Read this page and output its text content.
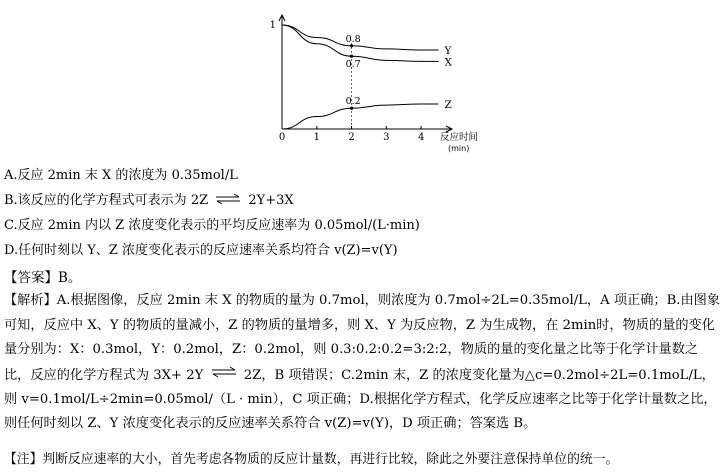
0	1	2	3	4
1
反应时间
(min)
Y
X
Z
0.8
0.7
0.2
A.反应 2min 末 X 的浓度为 0.35mol/L
B.该反应的化学方程式可表示为 2Z ⇌ 2Y+3X
C.反应 2min 内以 Z 浓度变化表示的平均反应速率为 0.05mol/(L·min)
D.任何时刻以 Y、Z 浓度变化表示的反应速率关系均符合 v(Z)=v(Y)
【答案】B。
【解析】A.根据图像，反应 2min 末 X 的物质的量为 0.7mol，则浓度为 0.7mol÷2L=0.35mol/L，A 项正确；B.由图象可知，反应中 X、Y 的物质的量减小，Z 的物质的量增多，则 X、Y 为反应物，Z 为生成物，在 2min时，物质的量的变化量分别为：X：0.3mol，Y：0.2mol，Z：0.2mol，则 0.3:0.2:0.2=3:2:2，物质的量的变化量之比等于化学计量数之比，反应的化学方程式为 3X+ 2Y ⇌ 2Z，B 项错误；C.2min 末，Z 的浓度变化量为△c=0.2mol÷2L=0.1moL/L，则 v=0.1mol/L÷2min=0.05mol/（L · min），C 项正确；D.根据化学方程式，化学反应速率之比等于化学计量数之比，则任何时刻以 Z、Y 浓度变化表示的反应速率关系符合 v(Z)=v(Y)，D 项正确；答案选 B。
【注】判断反应速率的大小，首先考虑各物质的反应计量数，再进行比较，除此之外要注意保持单位的统一。
